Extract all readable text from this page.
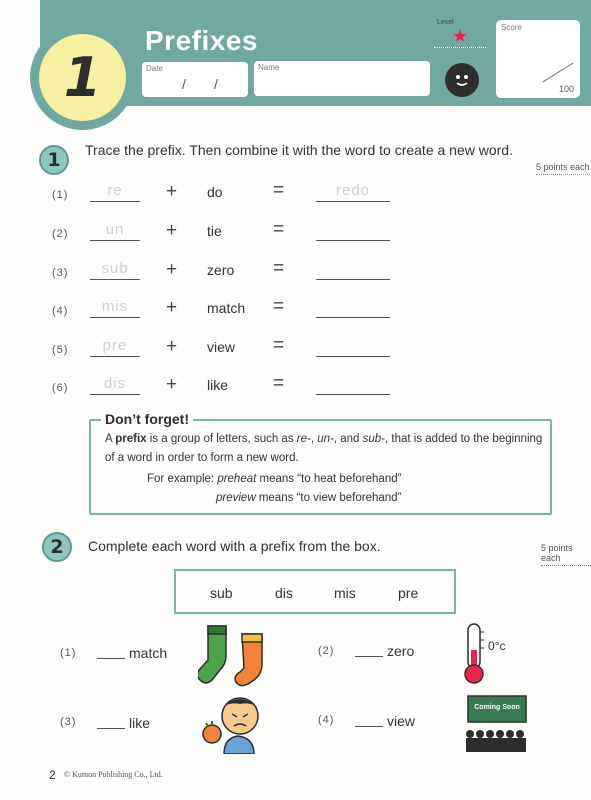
1
Prefixes
Date
/ /
Name
Level
★	Score
100
1 Trace the prefix. Then combine it with the word to create a new word.
5 points each
(1)	re	+ do	=	redo
(2)	un	+ tie	=
(3)	sub	+ zero =
(4)	mis	+ match =
(5)	pre	+ view =
(6)	dis	+ like =
Don’t forget!
A prefix is a group of letters, such as re-, un-, and sub-, that is added to the beginning
of a word in order to form a new word.
For example: preheat means “to heat beforehand”
preview means “to view beforehand”
2 Complete each word with a prefix from the box.	5 points each
sub	dis	mis	pre
(1)	match	(2)	zero	0°c
(3)	like	(4)	view
Coming Soon
2 © Kumon Publishing Co., Ltd.
